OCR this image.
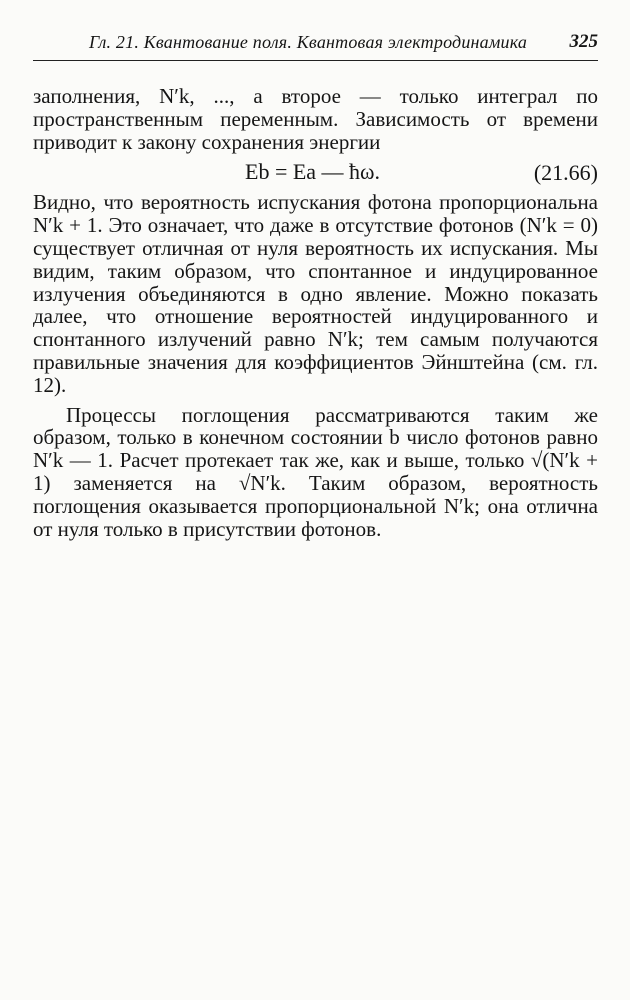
Гл. 21. Квантование поля. Квантовая электродинамика 325

заполнения, N′k, ..., а второе — только интеграл по пространственным переменным. Зависимость от времени приводит к закону сохранения энергии

Eb = Ea — ħω.	(21.66)

Видно, что вероятность испускания фотона пропорциональна N′k + 1. Это означает, что даже в отсутствие фотонов (N′k = 0) существует отличная от нуля вероятность их испускания. Мы видим, таким образом, что спонтанное и индуцированное излучения объединяются в одно явление. Можно показать далее, что отношение вероятностей индуцированного и спонтанного излучений равно N′k; тем самым получаются правильные значения для коэффициентов Эйнштейна (см. гл. 12).

Процессы поглощения рассматриваются таким же образом, только в конечном состоянии b число фотонов равно N′k — 1. Расчет протекает так же, как и выше, только √(N′k + 1) заменяется на √N′k. Таким образом, вероятность поглощения оказывается пропорциональной N′k; она отлична от нуля только в присутствии фотонов.
